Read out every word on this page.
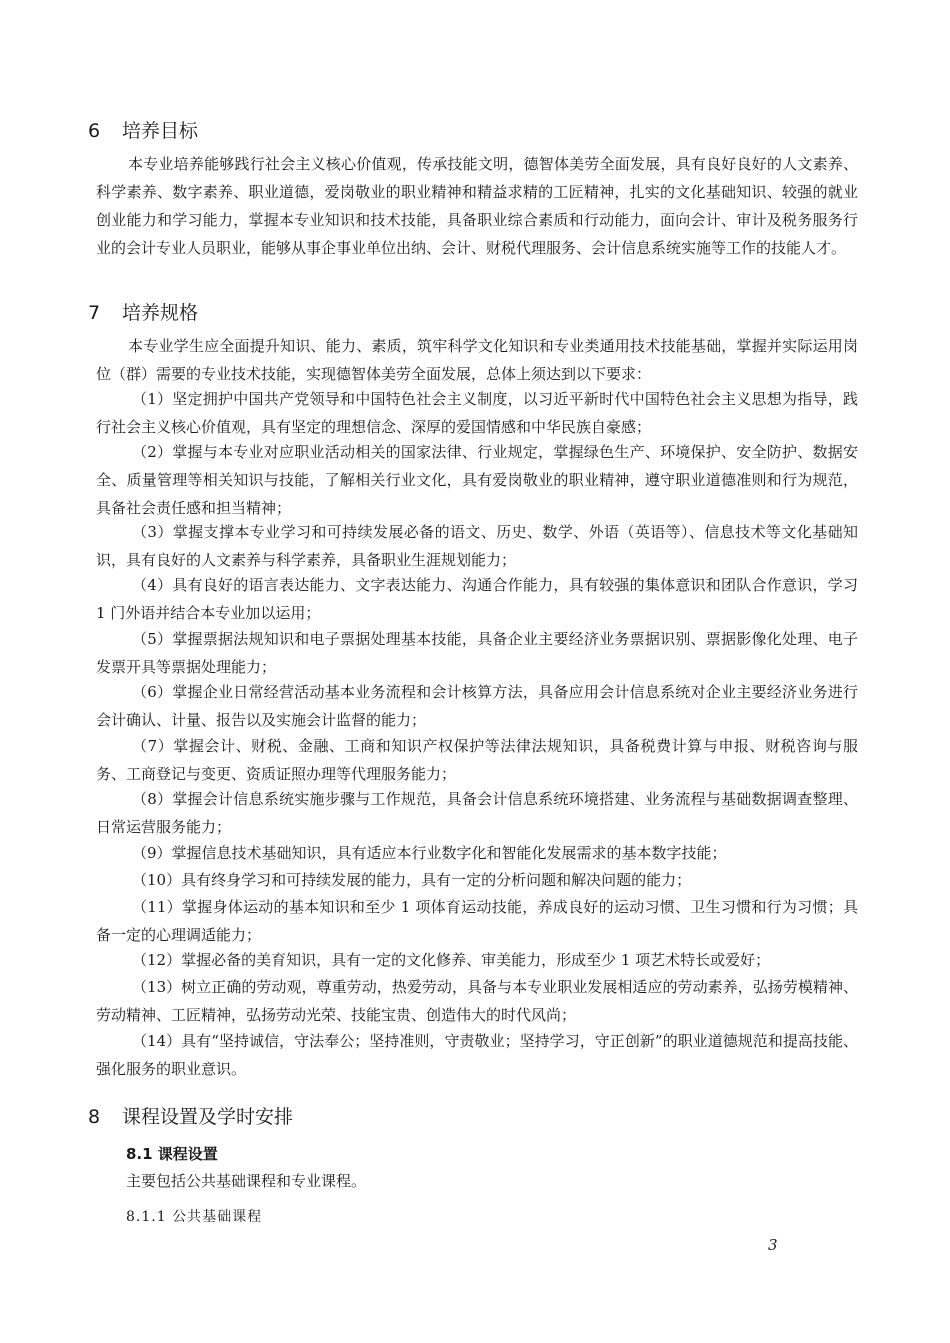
6 培养目标

本专业培养能够践行社会主义核心价值观，传承技能文明，德智体美劳全面发展，具有良好良好的人文素养、科学素养、数字素养、职业道德，爱岗敬业的职业精神和精益求精的工匠精神，扎实的文化基础知识、较强的就业创业能力和学习能力，掌握本专业知识和技术技能，具备职业综合素质和行动能力，面向会计、审计及税务服务行业的会计专业人员职业，能够从事企事业单位出纳、会计、财税代理服务、会计信息系统实施等工作的技能人才。

7 培养规格

本专业学生应全面提升知识、能力、素质，筑牢科学文化知识和专业类通用技术技能基础，掌握并实际运用岗位（群）需要的专业技术技能，实现德智体美劳全面发展，总体上须达到以下要求：

（1）坚定拥护中国共产党领导和中国特色社会主义制度，以习近平新时代中国特色社会主义思想为指导，践行社会主义核心价值观，具有坚定的理想信念、深厚的爱国情感和中华民族自豪感；

（2）掌握与本专业对应职业活动相关的国家法律、行业规定，掌握绿色生产、环境保护、安全防护、数据安全、质量管理等相关知识与技能，了解相关行业文化，具有爱岗敬业的职业精神，遵守职业道德准则和行为规范，具备社会责任感和担当精神；

（3）掌握支撑本专业学习和可持续发展必备的语文、历史、数学、外语（英语等）、信息技术等文化基础知识，具有良好的人文素养与科学素养，具备职业生涯规划能力；

（4）具有良好的语言表达能力、文字表达能力、沟通合作能力，具有较强的集体意识和团队合作意识，学习 1 门外语并结合本专业加以运用；

（5）掌握票据法规知识和电子票据处理基本技能，具备企业主要经济业务票据识别、票据影像化处理、电子发票开具等票据处理能力；

（6）掌握企业日常经营活动基本业务流程和会计核算方法，具备应用会计信息系统对企业主要经济业务进行会计确认、计量、报告以及实施会计监督的能力；

（7）掌握会计、财税、金融、工商和知识产权保护等法律法规知识，具备税费计算与申报、财税咨询与服务、工商登记与变更、资质证照办理等代理服务能力；

（8）掌握会计信息系统实施步骤与工作规范，具备会计信息系统环境搭建、业务流程与基础数据调查整理、日常运营服务能力；

（9）掌握信息技术基础知识，具有适应本行业数字化和智能化发展需求的基本数字技能；

（10）具有终身学习和可持续发展的能力，具有一定的分析问题和解决问题的能力；

（11）掌握身体运动的基本知识和至少 1 项体育运动技能，养成良好的运动习惯、卫生习惯和行为习惯；具备一定的心理调适能力；

（12）掌握必备的美育知识，具有一定的文化修养、审美能力，形成至少 1 项艺术特长或爱好；

（13）树立正确的劳动观，尊重劳动，热爱劳动，具备与本专业职业发展相适应的劳动素养，弘扬劳模精神、劳动精神、工匠精神，弘扬劳动光荣、技能宝贵、创造伟大的时代风尚；

（14）具有“坚持诚信，守法奉公；坚持准则，守责敬业；坚持学习，守正创新”的职业道德规范和提高技能、强化服务的职业意识。

8 课程设置及学时安排

8.1 课程设置

主要包括公共基础课程和专业课程。

8.1.1 公共基础课程

3
